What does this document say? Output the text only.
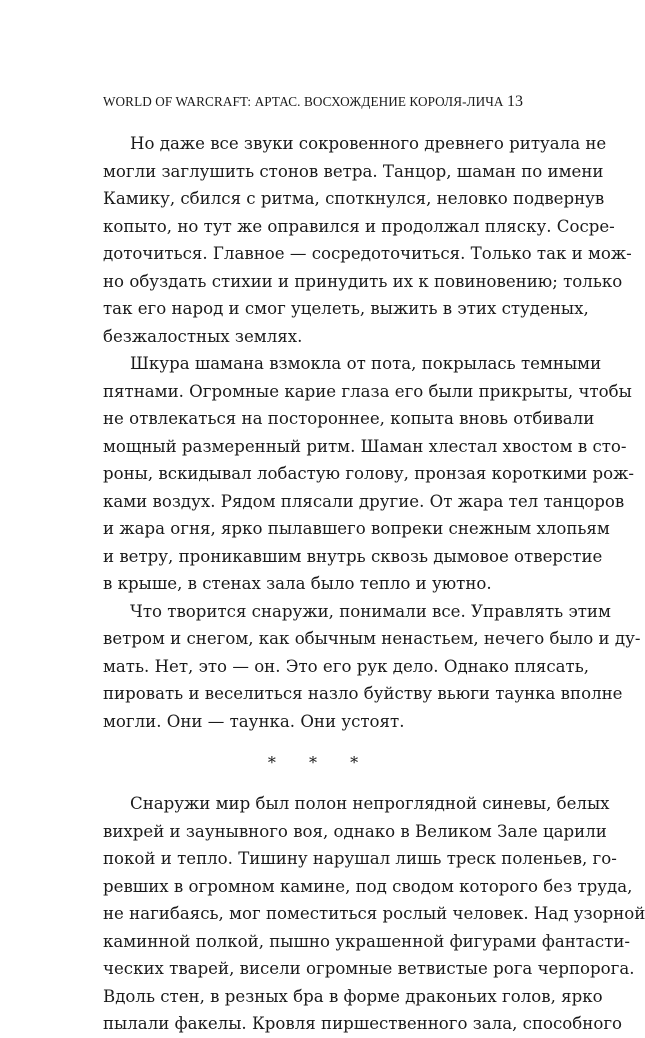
WORLD OF WARCRAFT: АРТАС. ВОСХОЖДЕНИЕ КОРОЛЯ-ЛИЧА 13
Но даже все звуки сокровенного древнего ритуала не
могли заглушить стонов ветра. Танцор, шаман по имени
Камику, сбился с ритма, споткнулся, неловко подвернув
копыто, но тут же оправился и продолжал пляску. Сосре-
доточиться. Главное — сосредоточиться. Только так и мож-
но обуздать стихии и принудить их к повиновению; только
так его народ и смог уцелеть, выжить в этих студеных,
безжалостных землях.
Шкура шамана взмокла от пота, покрылась темными
пятнами. Огромные карие глаза его были прикрыты, чтобы
не отвлекаться на постороннее, копыта вновь отбивали
мощный размеренный ритм. Шаман хлестал хвостом в сто-
роны, вскидывал лобастую голову, пронзая короткими рож-
ками воздух. Рядом плясали другие. От жара тел танцоров
и жара огня, ярко пылавшего вопреки снежным хлопьям
и ветру, проникавшим внутрь сквозь дымовое отверстие
в крыше, в стенах зала было тепло и уютно.
Что творится снаружи, понимали все. Управлять этим
ветром и снегом, как обычным ненастьем, нечего было и ду-
мать. Нет, это — он. Это его рук дело. Однако плясать,
пировать и веселиться назло буйству вьюги таунка вполне
могли. Они — таунка. Они устоят.
* * *
Снаружи мир был полон непроглядной синевы, белых
вихрей и заунывного воя, однако в Великом Зале царили
покой и тепло. Тишину нарушал лишь треск поленьев, го-
ревших в огромном камине, под сводом которого без труда,
не нагибаясь, мог поместиться рослый человек. Над узорной
каминной полкой, пышно украшенной фигурами фантасти-
ческих тварей, висели огромные ветвистые рога черпорога.
Вдоль стен, в резных бра в форме драконьих голов, ярко
пылали факелы. Кровля пиршественного зала, способного
